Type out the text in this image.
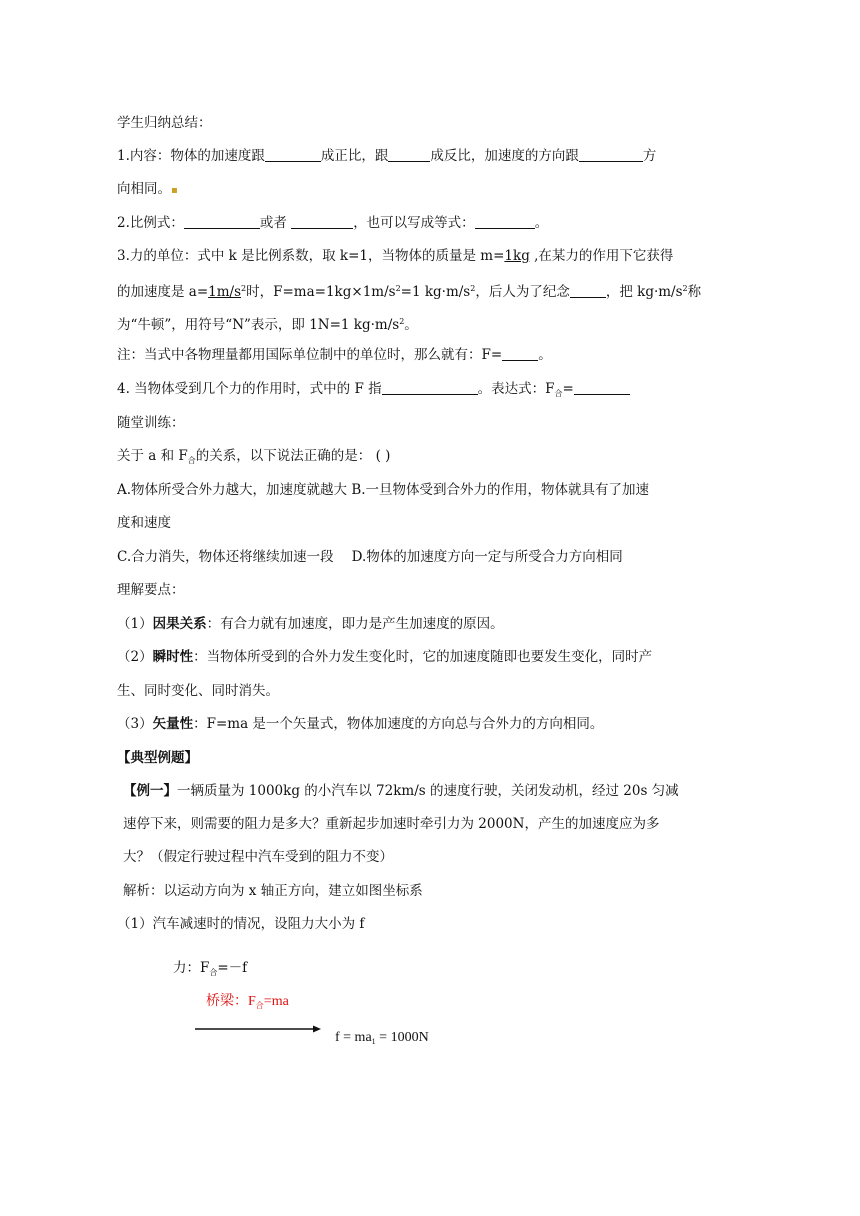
学生归纳总结：
1.内容：物体的加速度跟	成正比，跟	成反比，加速度的方向跟	方
向相同。▪
2.比例式：	或者	，也可以写成等式：	。
3.力的单位：式中 k 是比例系数，取 k=1，当物体的质量是 m=1kg ,在某力的作用下它获得
的加速度是 $a=1m/s^2$时，$F=ma=1kg\times 1m/s^2=1$ $kg\cdot m/s^2$，后人为了纪念	，把 $kg\cdot m/s^2$称
为“牛顿”，用符号“N”表示，即 1N=1 $kg\cdot m/s^2$。
注：当式中各物理量都用国际单位制中的单位时，那么就有：F=	。
4. 当物体受到几个力的作用时，式中的 F 指	。表达式：$F_合=$
随堂训练：
关于 a 和 $F_合$的关系，以下说法正确的是： ( )
A.物体所受合外力越大，加速度就越大 B.一旦物体受到合外力的作用，物体就具有了加速
度和速度
C.合力消失，物体还将继续加速一段 D.物体的加速度方向一定与所受合力方向相同
理解要点：
（1）因果关系：有合力就有加速度，即力是产生加速度的原因。
（2）瞬时性：当物体所受到的合外力发生变化时，它的加速度随即也要发生变化，同时产
生、同时变化、同时消失。
（3）矢量性：F=ma 是一个矢量式，物体加速度的方向总与合外力的方向相同。
【典型例题】
【例一】一辆质量为 1000kg 的小汽车以 72km/s 的速度行驶，关闭发动机，经过 20s 匀减
速停下来，则需要的阻力是多大？重新起步加速时牵引力为 2000N，产生的加速度应为多
大？（假定行驶过程中汽车受到的阻力不变）
解析：以运动方向为 x 轴正方向，建立如图坐标系
（1）汽车减速时的情况，设阻力大小为 f
力：$F_合=-f$
桥梁：$F_合=ma$
$f = ma_1 = 1000N$
